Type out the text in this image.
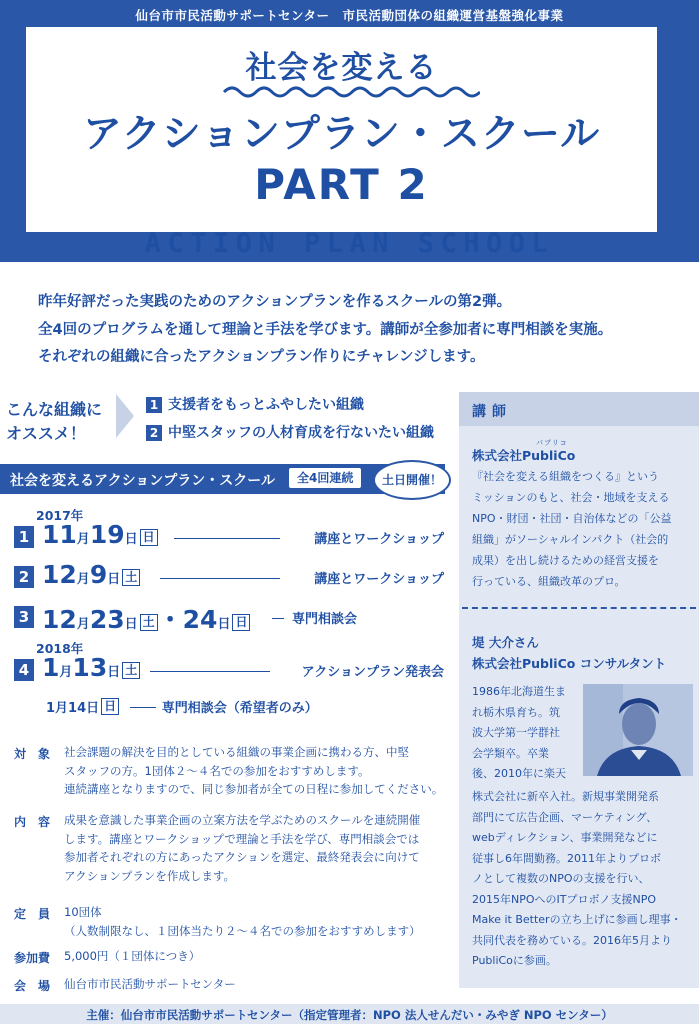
仙台市市民活動サポートセンター　市民活動団体の組織運営基盤強化事業
社会を変える
アクションプラン・スクール
PART 2
ACTION PLAN SCHOOL
昨年好評だった実践のためのアクションプランを作るスクールの第2弾。
全4回のプログラムを通して理論と手法を学びます。講師が全参加者に専門相談を実施。
それぞれの組織に合ったアクションプラン作りにチャレンジします。
こんな組織に
オススメ！
1 支援者をもっとふやしたい組織
2 中堅スタッフの人材育成を行ないたい組織
社会を変えるアクションプラン・スクール	全4回連続	土日開催！
2017年
1 11月19日 日	講座とワークショップ
2 12月9日 土	講座とワークショップ
3 12月23日 土 ・24日 日	専門相談会
2018年
4 1月13日 土	アクションプラン発表会
1月14日 日	専門相談会（希望者のみ）
対　象 社会課題の解決を目的としている組織の事業企画に携わる方、中堅
スタッフの方。1団体２～４名での参加をおすすめします。
連続講座となりますので、同じ参加者が全ての日程に参加してください。
内　容 成果を意識した事業企画の立案方法を学ぶためのスクールを連続開催
します。講座とワークショップで理論と手法を学び、専門相談会では
参加者それぞれの方にあったアクションを選定、最終発表会に向けて
アクションプランを作成します。
定　員 10団体
（人数制限なし、１団体当たり２～４名での参加をおすすめします）
参加費 5,000円（１団体につき）
会　場 仙台市市民活動サポートセンター
講師
パブリコ
株式会社PubliCo
『社会を変える組織をつくる』という
ミッションのもと、社会・地域を支える
NPO・財団・社団・自治体などの「公益
組織」がソーシャルインパクト（社会的
成果）を出し続けるための経営支援を
行っている、組織改革のプロ。
堤 大介さん
株式会社PubliCo コンサルタント
1986年北海道生ま
れ栃木県育ち。筑
波大学第一学群社
会学類卒。卒業
後、2010年に楽天
株式会社に新卒入社。新規事業開発系
部門にて広告企画、マーケティング、
webディレクション、事業開発などに
従事し6年間勤務。2011年よりプロボ
ノとして複数のNPOの支援を行い、
2015年NPOへのITプロボノ支援NPO
Make it Betterの立ち上げに参画し理事・
共同代表を務めている。2016年5月より
PubliCoに参画。
主催：仙台市市民活動サポートセンター（指定管理者：NPO 法人せんだい・みやぎ NPO センター）
